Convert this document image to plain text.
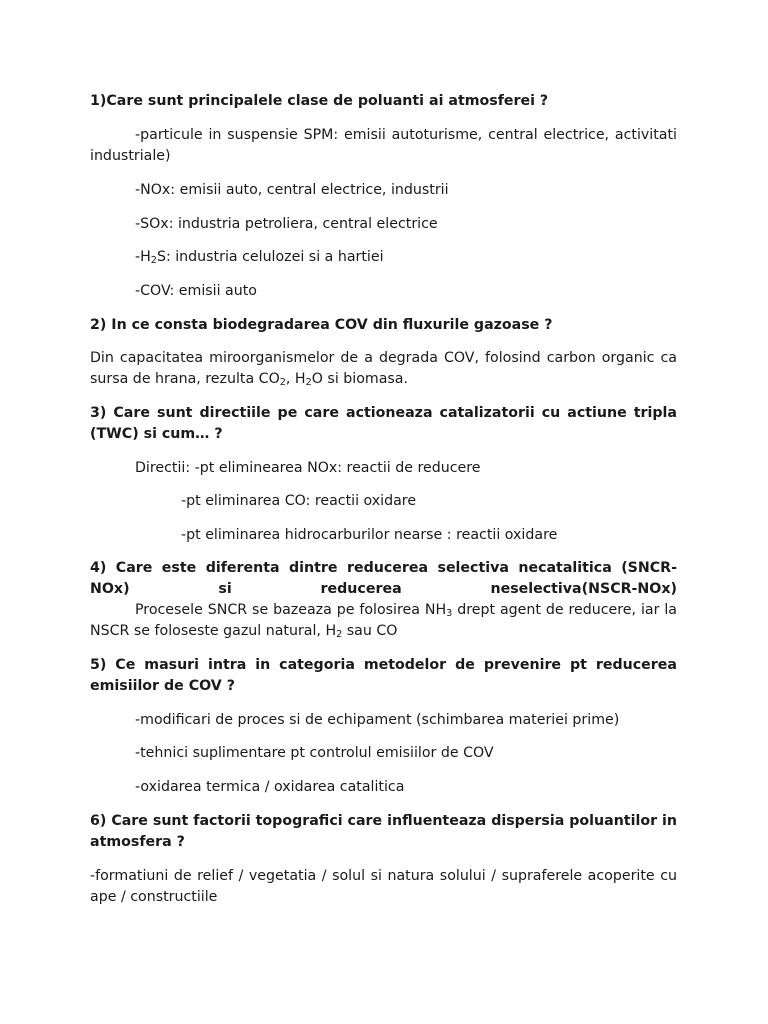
1)Care sunt principalele clase de poluanti ai atmosferei ?

-particule in suspensie SPM: emisii autoturisme, central electrice, activitati industriale)

-NOx: emisii auto, central electrice, industrii

-SOx: industria petroliera, central electrice

$-H_2S$: industria celulozei si a hartiei

-COV: emisii auto

2) In ce consta biodegradarea COV din fluxurile gazoase ?

Din capacitatea miroorganismelor de a degrada COV, folosind carbon organic ca sursa de hrana, rezulta $CO_2$, $H_2O$ si biomasa.

3) Care sunt directiile pe care actioneaza catalizatorii cu actiune tripla (TWC) si cum… ?

Directii: -pt eliminearea NOx: reactii de reducere

-pt eliminarea CO: reactii oxidare

-pt eliminarea hidrocarburilor nearse : reactii oxidare

4) Care este diferenta dintre reducerea selectiva necatalitica (SNCR-NOx) si reducerea neselectiva(NSCR-NOx)

Procesele SNCR se bazeaza pe folosirea $NH_3$ drept agent de reducere, iar la NSCR se foloseste gazul natural, $H_2$ sau CO

5) Ce masuri intra in categoria metodelor de prevenire pt reducerea emisiilor de COV ?

-modificari de proces si de echipament (schimbarea materiei prime)

-tehnici suplimentare pt controlul emisiilor de COV

-oxidarea termica / oxidarea catalitica

6) Care sunt factorii topografici care influenteaza dispersia poluantilor in atmosfera ?

-formatiuni de relief / vegetatia / solul si natura solului / supraferele acoperite cu ape / constructiile
